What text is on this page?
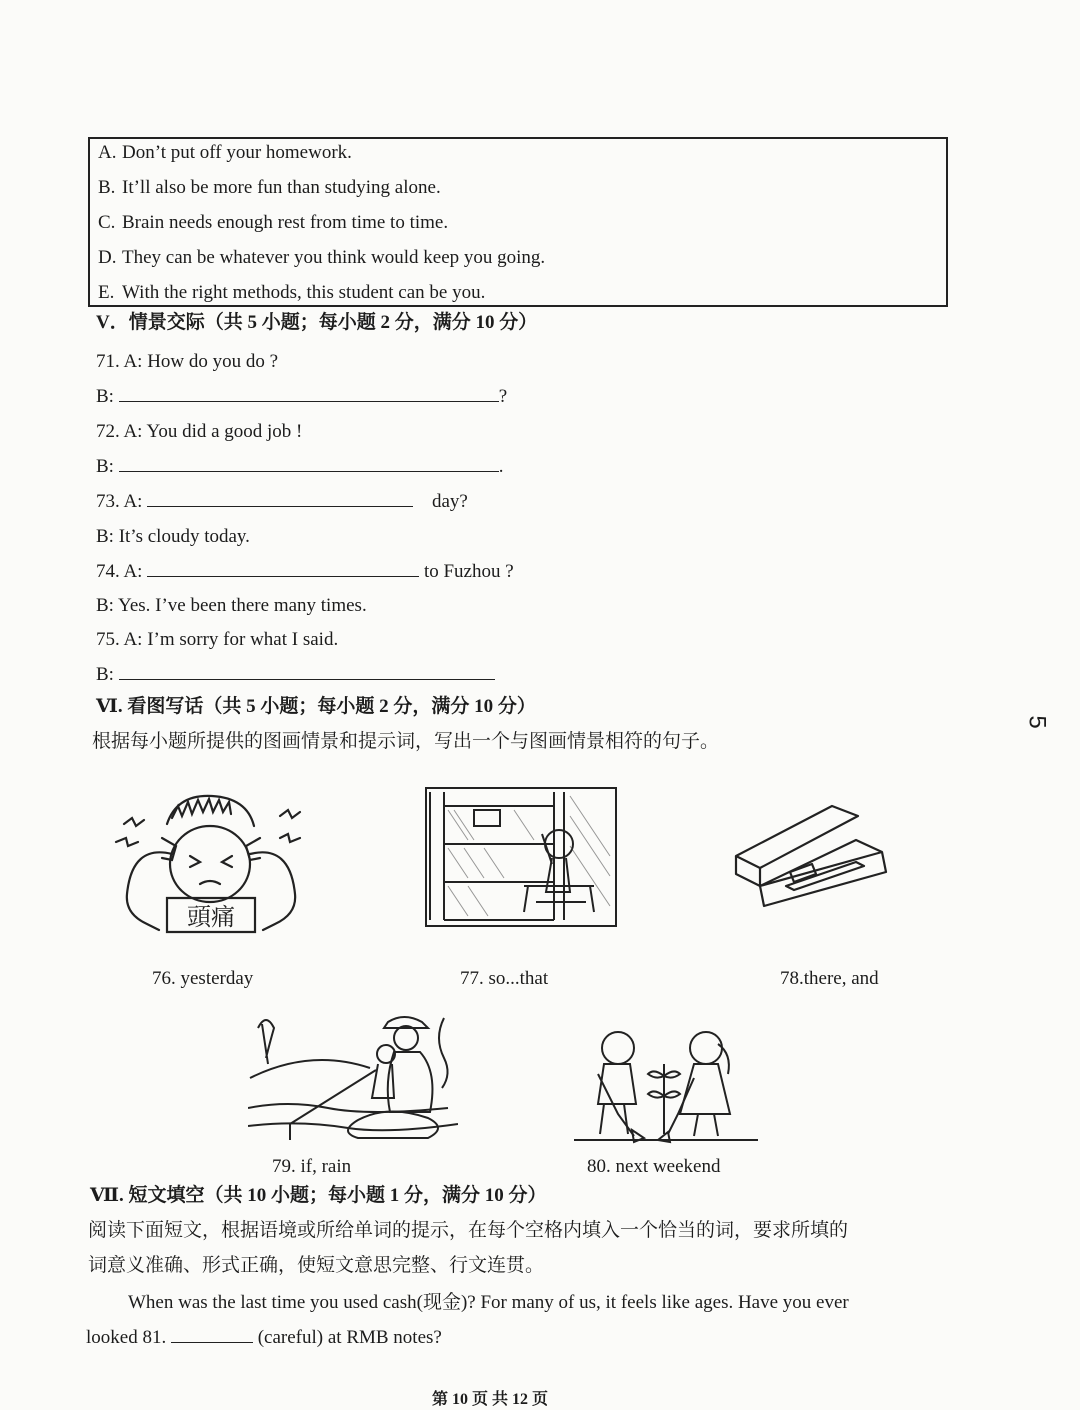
A. Don’t put off your homework.
B. It’ll also be more fun than studying alone.
C. Brain needs enough rest from time to time.
D. They can be whatever you think would keep you going.
E. With the right methods, this student can be you.
V．情景交际（共 5 小题；每小题 2 分，满分 10 分）
71. A: How do you do ?
B:	?
72. A: You did a good job !
B:	.
73. A:	day?
B: It’s cloudy today.
74. A:	to Fuzhou ?
B: Yes. I’ve been there many times.
75. A: I’m sorry for what I said.
B:
Ⅵ. 看图写话（共 5 小题；每小题 2 分，满分 10 分）
根据每小题所提供的图画情景和提示词，写出一个与图画情景相符的句子。
5
頭痛
76. yesterday	77. so...that	78.there, and
79. if, rain	80. next weekend
Ⅶ. 短文填空（共 10 小题；每小题 1 分，满分 10 分）
阅读下面短文，根据语境或所给单词的提示，在每个空格内填入一个恰当的词，要求所填的
词意义准确、形式正确，使短文意思完整、行文连贯。
When was the last time you used cash(现金)? For many of us, it feels like ages. Have you ever
looked 81.	(careful) at RMB notes?
第 10 页 共 12 页
